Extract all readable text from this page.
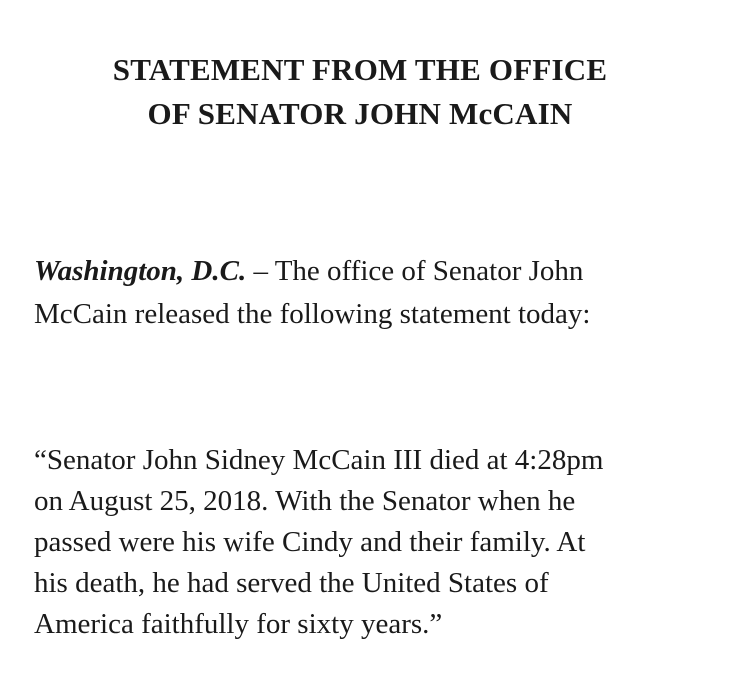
STATEMENT FROM THE OFFICE
OF SENATOR JOHN McCAIN

Washington, D.C. – The office of Senator John
McCain released the following statement today:

“Senator John Sidney McCain III died at 4:28pm
on August 25, 2018. With the Senator when he
passed were his wife Cindy and their family. At
his death, he had served the United States of
America faithfully for sixty years.”
